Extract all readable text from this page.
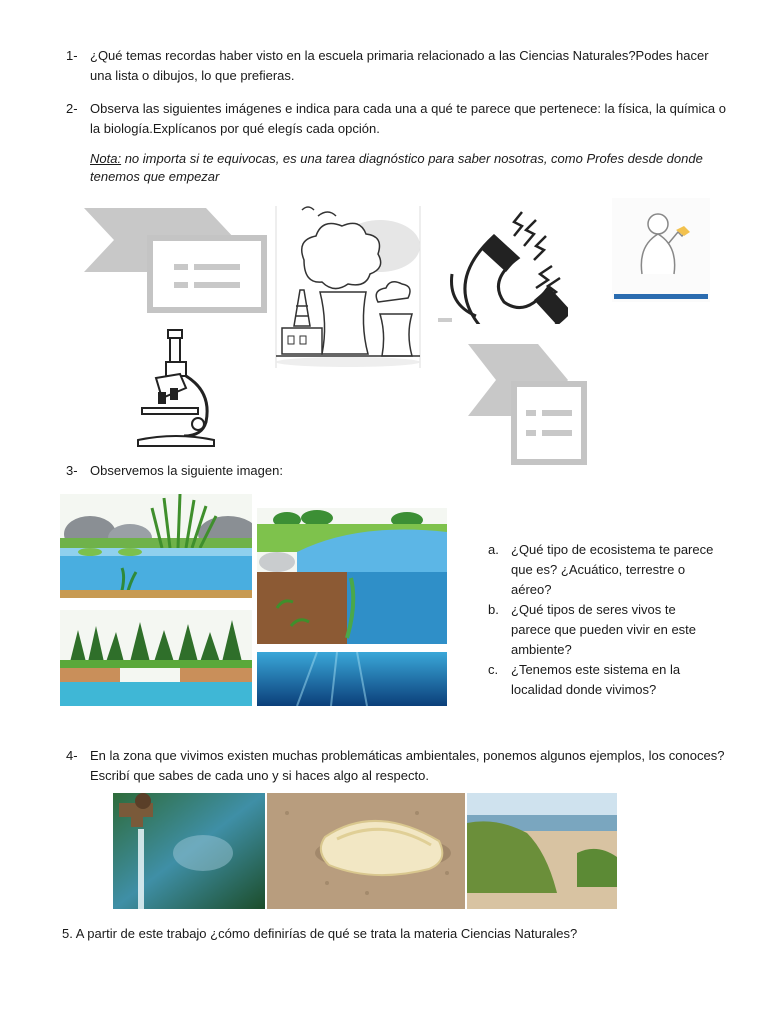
1- ¿Qué temas recordas haber visto en la escuela primaria relacionado a las Ciencias Naturales?Podes hacer una lista o dibujos, lo que prefieras.
2- Observa las siguientes imágenes e indica para cada una a qué te parece que pertenece: la física, la química o la biología.Explícanos por qué elegís cada opción.
Nota: no importa si te equivocas, es una tarea diagnóstico para saber nosotras, como Profes desde donde tenemos que empezar
3- Observemos la siguiente imagen:
a. ¿Qué tipo de ecosistema te parece que es? ¿Acuático, terrestre o aéreo?
b. ¿Qué tipos de seres vivos te parece que pueden vivir en este ambiente?
c. ¿Tenemos este sistema en la localidad donde vivimos?
4- En la zona que vivimos existen muchas problemáticas ambientales, ponemos algunos ejemplos, los conoces? Escribí que sabes de cada uno y si haces algo al respecto.
5. A partir de este trabajo ¿cómo definirías de qué se trata la materia Ciencias Naturales?
